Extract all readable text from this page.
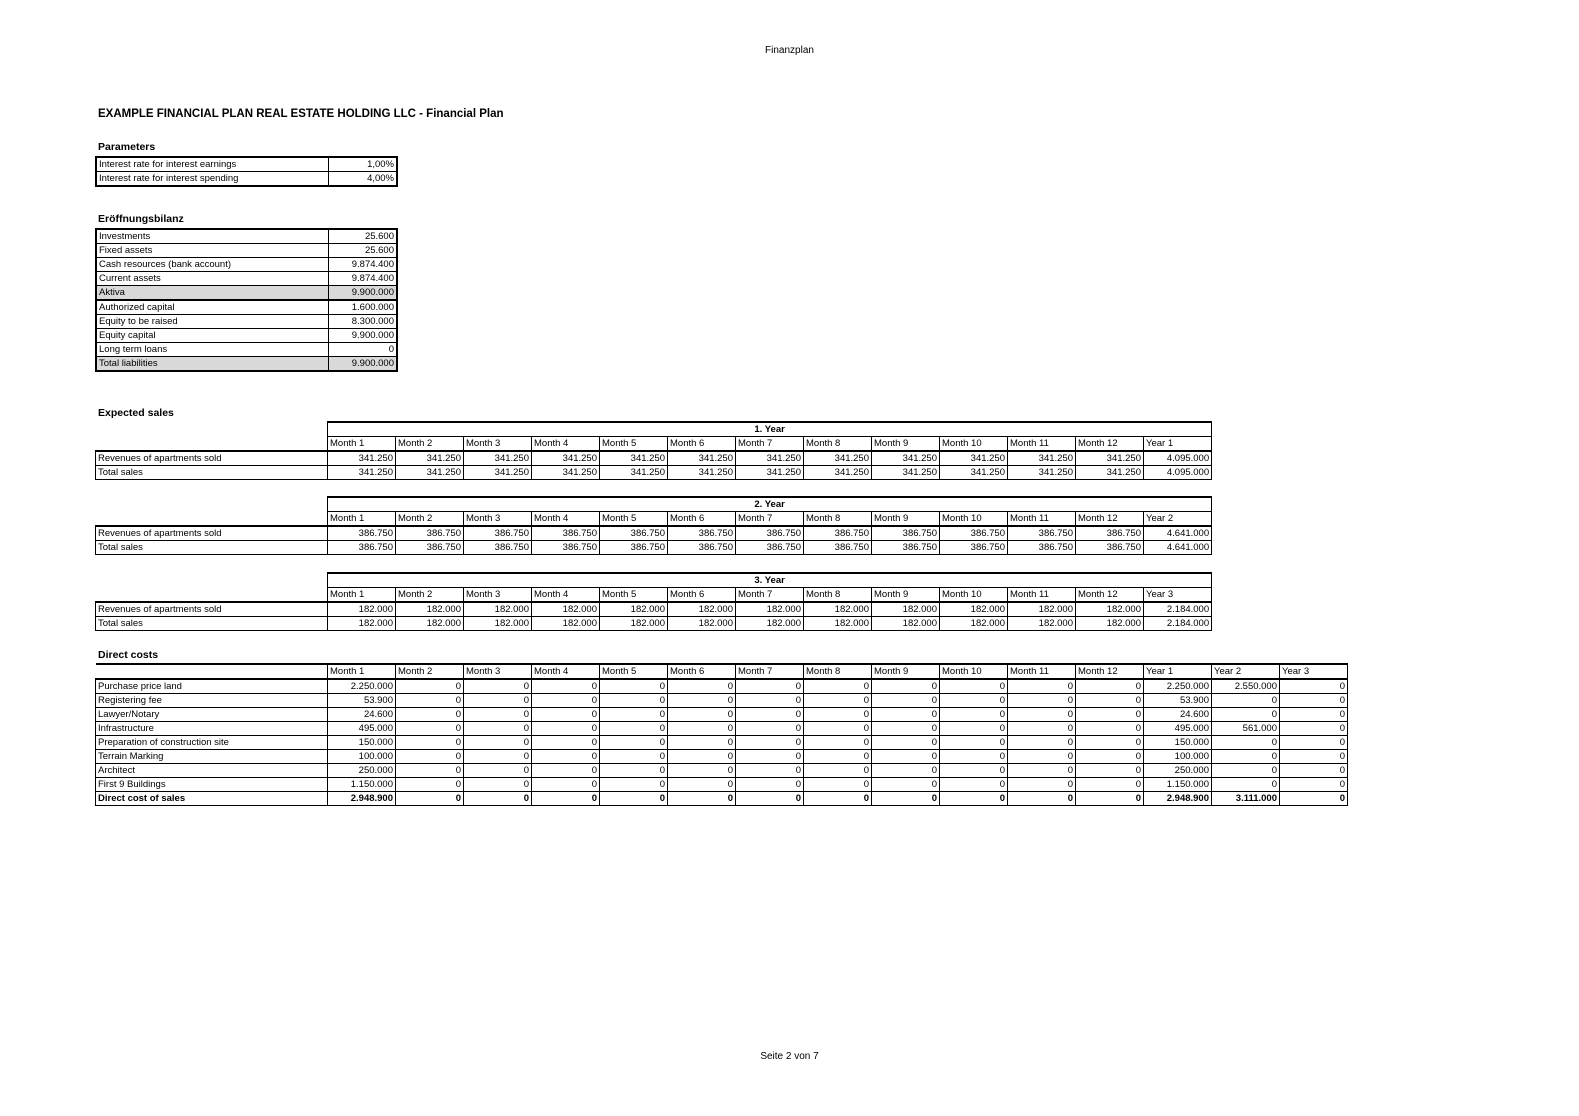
Finanzplan
EXAMPLE FINANCIAL PLAN REAL ESTATE HOLDING LLC - Financial Plan
Parameters
Interest rate for interest earnings	1,00%
Interest rate for interest spending	4,00%
Eröffnungsbilanz
Investments	25.600
Fixed assets	25.600
Cash resources (bank account)	9.874.400
Current assets	9.874.400
Aktiva	9.900.000
Authorized capital	1.600.000
Equity to be raised	8.300.000
Equity capital	9.900.000
Long term loans	0
Total liabilities	9.900.000
Expected sales
	1. Year												
	Month 1	Month 2	Month 3	Month 4	Month 5	Month 6	Month 7	Month 8	Month 9	Month 10	Month 11	Month 12	Year 1
Revenues of apartments sold	341.250	341.250	341.250	341.250	341.250	341.250	341.250	341.250	341.250	341.250	341.250	341.250	4.095.000
Total sales	341.250	341.250	341.250	341.250	341.250	341.250	341.250	341.250	341.250	341.250	341.250	341.250	4.095.000
	2. Year												
	Month 1	Month 2	Month 3	Month 4	Month 5	Month 6	Month 7	Month 8	Month 9	Month 10	Month 11	Month 12	Year 2
Revenues of apartments sold	386.750	386.750	386.750	386.750	386.750	386.750	386.750	386.750	386.750	386.750	386.750	386.750	4.641.000
Total sales	386.750	386.750	386.750	386.750	386.750	386.750	386.750	386.750	386.750	386.750	386.750	386.750	4.641.000
	3. Year												
	Month 1	Month 2	Month 3	Month 4	Month 5	Month 6	Month 7	Month 8	Month 9	Month 10	Month 11	Month 12	Year 3
Revenues of apartments sold	182.000	182.000	182.000	182.000	182.000	182.000	182.000	182.000	182.000	182.000	182.000	182.000	2.184.000
Total sales	182.000	182.000	182.000	182.000	182.000	182.000	182.000	182.000	182.000	182.000	182.000	182.000	2.184.000
Direct costs
	Month 1	Month 2	Month 3	Month 4	Month 5	Month 6	Month 7	Month 8	Month 9	Month 10	Month 11	Month 12	Year 1	Year 2	Year 3
Purchase price land	2.250.000	0	0	0	0	0	0	0	0	0	0	0	2.250.000	2.550.000	0
Registering fee	53.900	0	0	0	0	0	0	0	0	0	0	0	53.900	0	0
Lawyer/Notary	24.600	0	0	0	0	0	0	0	0	0	0	0	24.600	0	0
Infrastructure	495.000	0	0	0	0	0	0	0	0	0	0	0	495.000	561.000	0
Preparation of construction site	150.000	0	0	0	0	0	0	0	0	0	0	0	150.000	0	0
Terrain Marking	100.000	0	0	0	0	0	0	0	0	0	0	0	100.000	0	0
Architect	250.000	0	0	0	0	0	0	0	0	0	0	0	250.000	0	0
First 9 Buildings	1.150.000	0	0	0	0	0	0	0	0	0	0	0	1.150.000	0	0
Direct cost of sales	2.948.900	0	0	0	0	0	0	0	0	0	0	0	2.948.900	3.111.000	0
Seite 2 von 7
